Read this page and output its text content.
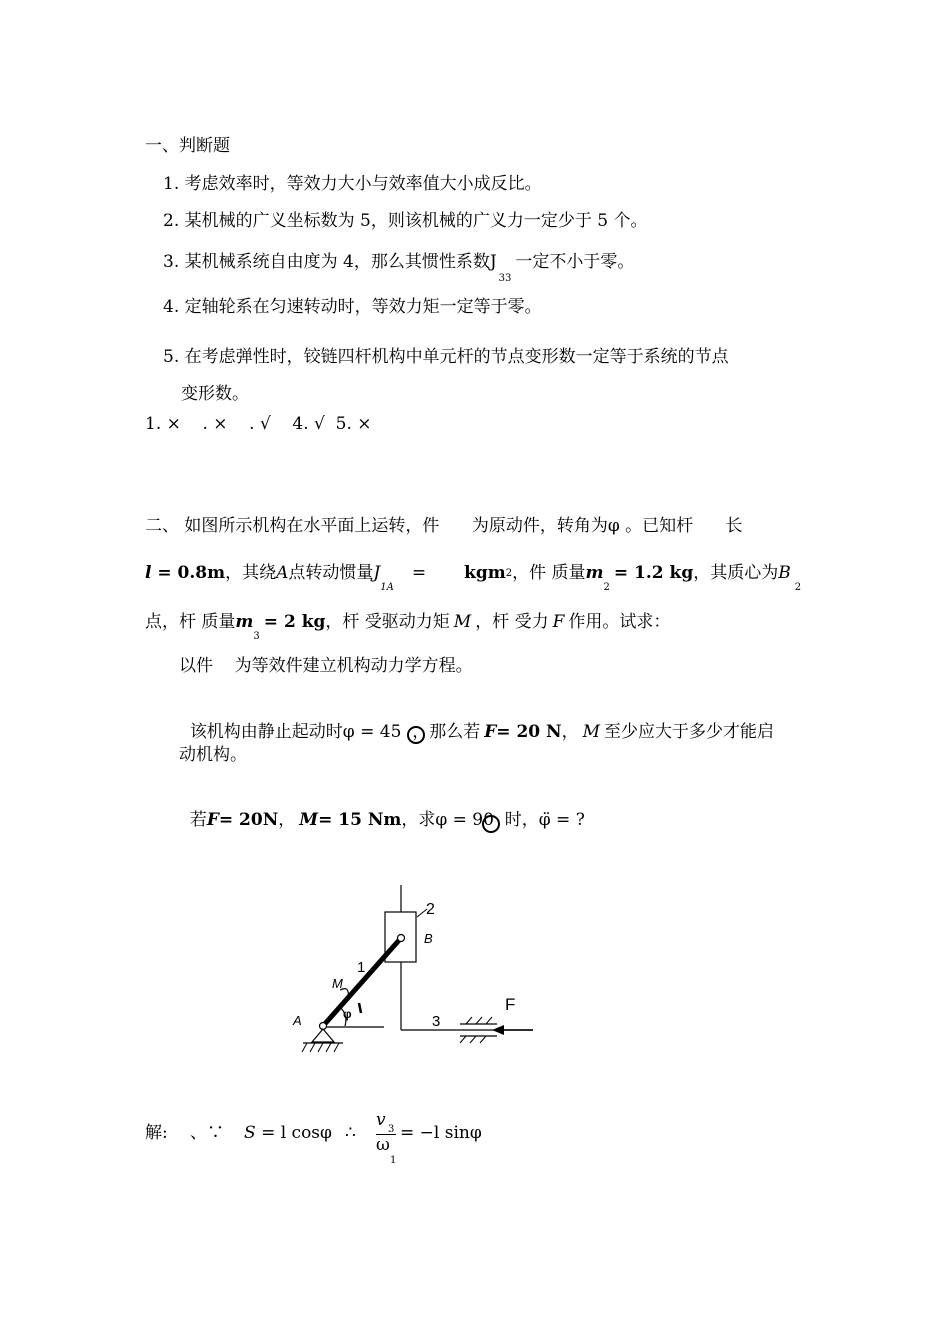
一、判断题
1. 考虑效率时，等效力大小与效率值大小成反比。
2. 某机械的广义坐标数为 5，则该机械的广义力一定少于 5 个。
3. 某机械系统自由度为 4，那么其惯性系数$J_{33}$一定不小于零。
4. 定轴轮系在匀速转动时，等效力矩一定等于零。
5. 在考虑弹性时，铰链四杆机构中单元杆的节点变形数一定等于系统的节点
变形数。
1. ×    . ×    . √    4. √  5. ×
二、 如图所示机构在水平面上运转，件      为原动件，转角为φ 。已知杆      长
l = 0.8m，其绕A点转动惯量$J_{1A}= kgm2$，件 质量$m_2= 1.2$ kg，其质心为$B_2$
点，杆 质量$m_3= 2$ kg，杆 受驱动力矩 M ，杆 受力 F 作用。试求：
以件    为等效件建立机构动力学方程。

该机构由静止起动时φ = 45  ，那么若 F= 20 N， M 至少应大于多少才能启

动机构。

若F= 20N， M= 15 Nm，求φ = 90  时，φ̈ = ?

2
B
1
M
φ
A	3
F
解: 、∵ S = l cosφ ∴
v 3
ω
1
= −l sinφ
